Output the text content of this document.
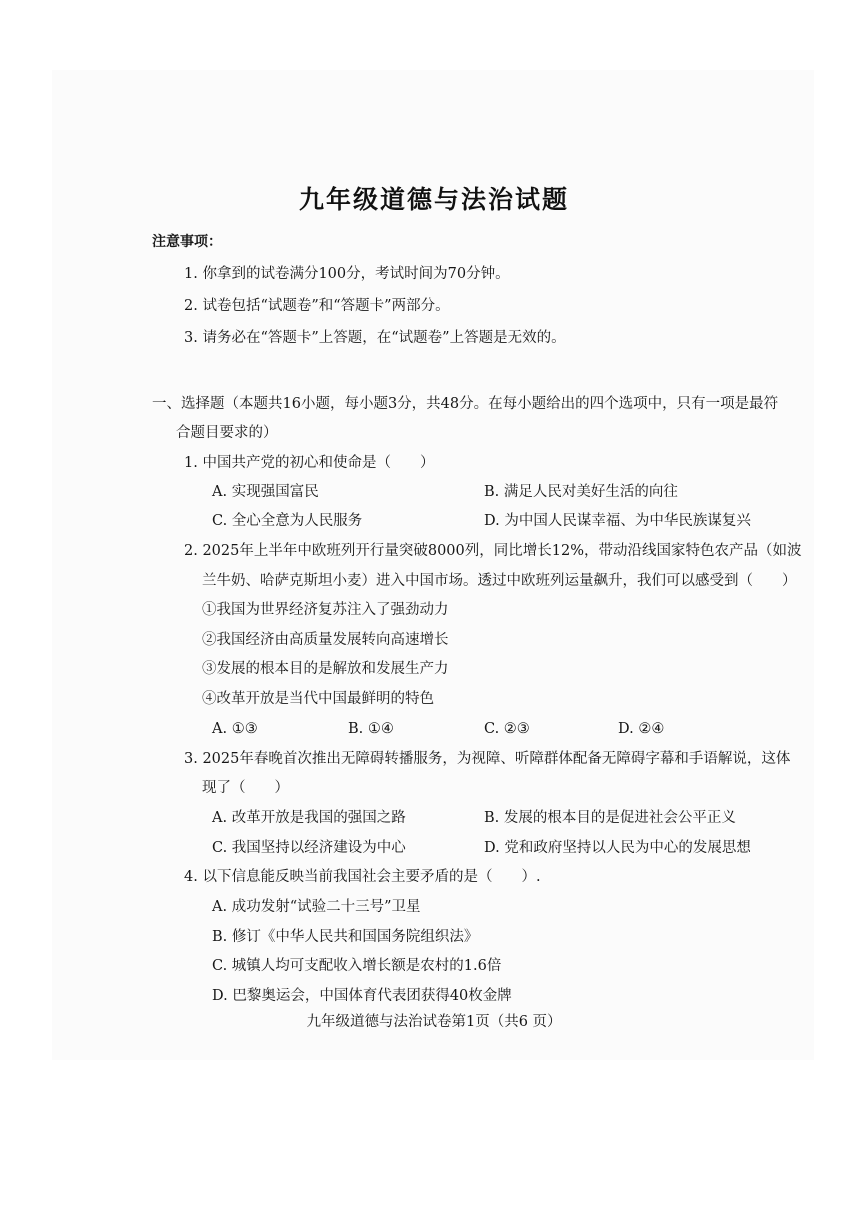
九年级道德与法治试题
注意事项：
1. 你拿到的试卷满分100分，考试时间为70分钟。
2. 试卷包括“试题卷”和“答题卡”两部分。
3. 请务必在“答题卡”上答题，在“试题卷”上答题是无效的。
一、选择题（本题共16小题，每小题3分，共48分。在每小题给出的四个选项中，只有一项是最符
合题目要求的）
1. 中国共产党的初心和使命是（　　）
A. 实现强国富民	B. 满足人民对美好生活的向往
C. 全心全意为人民服务	D. 为中国人民谋幸福、为中华民族谋复兴
2. 2025年上半年中欧班列开行量突破8000列，同比增长12%，带动沿线国家特色农产品（如波
兰牛奶、哈萨克斯坦小麦）进入中国市场。透过中欧班列运量飙升，我们可以感受到（　　）
①我国为世界经济复苏注入了强劲动力
②我国经济由高质量发展转向高速增长
③发展的根本目的是解放和发展生产力
④改革开放是当代中国最鲜明的特色
A. ①③	B. ①④	C. ②③	D. ②④
3. 2025年春晚首次推出无障碍转播服务，为视障、听障群体配备无障碍字幕和手语解说，这体
现了（　　）
A. 改革开放是我国的强国之路	B. 发展的根本目的是促进社会公平正义
C. 我国坚持以经济建设为中心	D. 党和政府坚持以人民为中心的发展思想
4. 以下信息能反映当前我国社会主要矛盾的是（　　）.
A. 成功发射“试验二十三号”卫星
B. 修订《中华人民共和国国务院组织法》
C. 城镇人均可支配收入增长额是农村的1.6倍
D. 巴黎奥运会，中国体育代表团获得40枚金牌
九年级道德与法治试卷第1页（共6 页）
